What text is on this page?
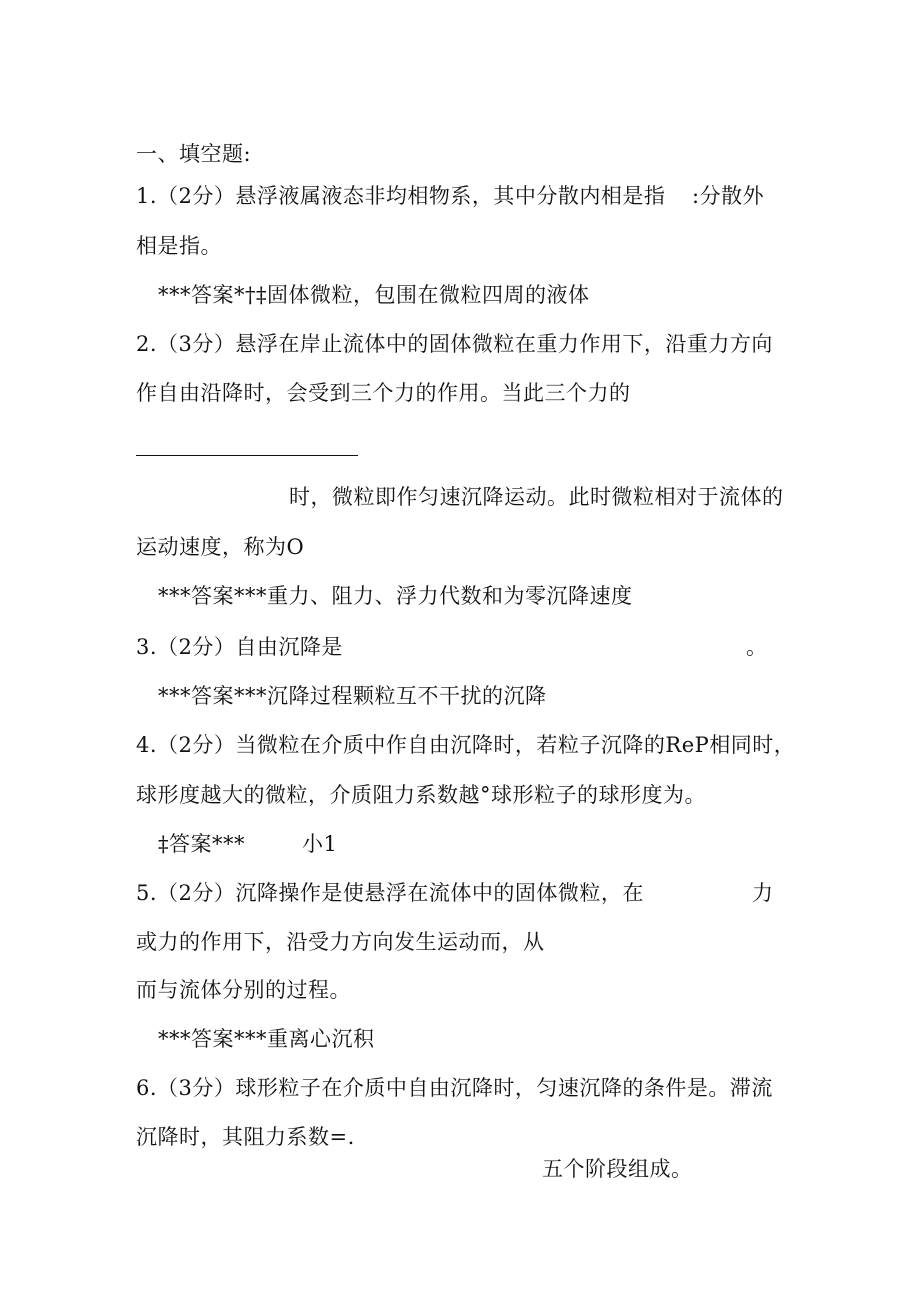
一、填空题:
1.（2分）悬浮液属液态非均相物系，其中分散内相是指 :分散外
相是指。
***答案*†‡固体微粒，包围在微粒四周的液体
2.（3分）悬浮在岸止流体中的固体微粒在重力作用下，沿重力方向
作自由沿降时，会受到三个力的作用。当此三个力的
时，微粒即作匀速沉降运动。此时微粒相对于流体的
运动速度，称为O
***答案***重力、阻力、浮力代数和为零沉降速度
3.（2分）自由沉降是	。
***答案***沉降过程颗粒互不干扰的沉降
4.（2分）当微粒在介质中作自由沉降时，若粒子沉降的ReP相同时，
球形度越大的微粒，介质阻力系数越°球形粒子的球形度为。
‡答案***	小1
5.（2分）沉降操作是使悬浮在流体中的固体微粒，在	力
或力的作用下，沿受力方向发生运动而，从
而与流体分别的过程。
***答案***重离心沉积
6.（3分）球形粒子在介质中自由沉降时，匀速沉降的条件是。滞流
沉降时，其阻力系数=.
五个阶段组成。
